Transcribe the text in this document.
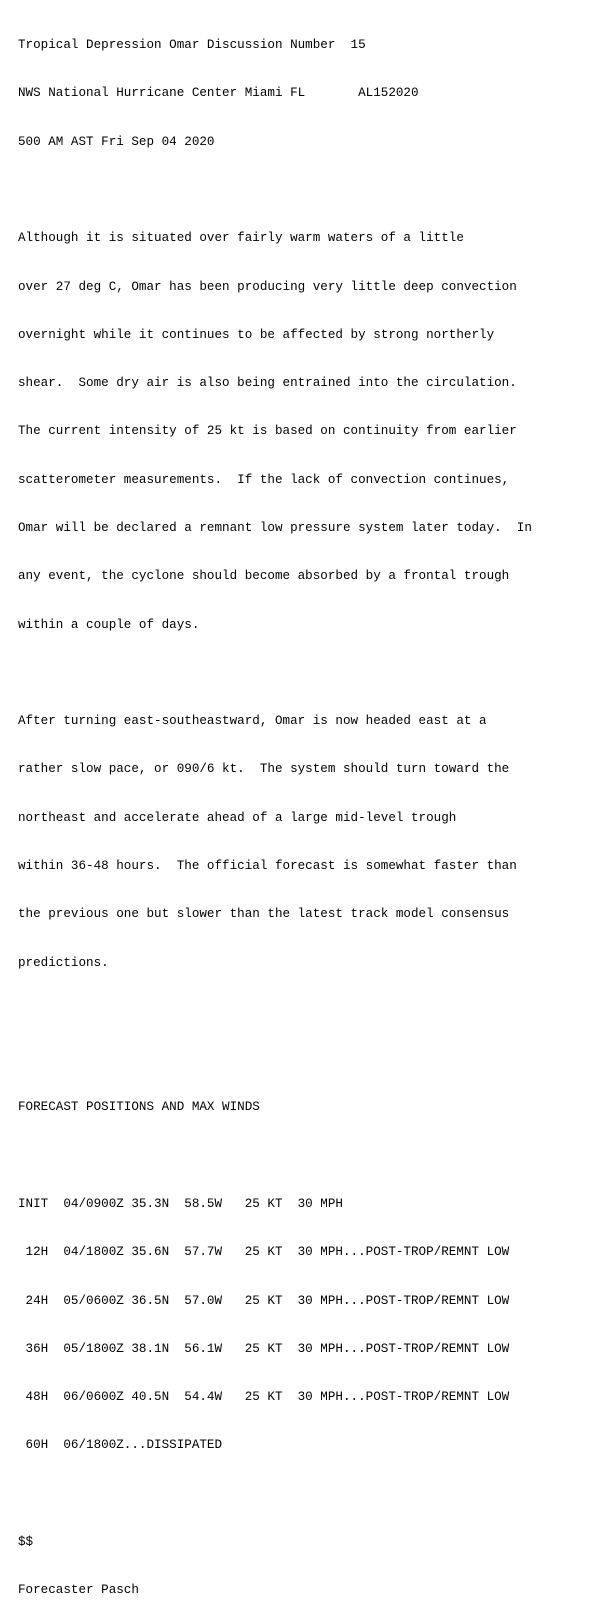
Tropical Depression Omar Discussion Number  15

NWS National Hurricane Center Miami FL       AL152020

500 AM AST Fri Sep 04 2020

Although it is situated over fairly warm waters of a little

over 27 deg C, Omar has been producing very little deep convection

overnight while it continues to be affected by strong northerly

shear.  Some dry air is also being entrained into the circulation.

The current intensity of 25 kt is based on continuity from earlier

scatterometer measurements.  If the lack of convection continues,

Omar will be declared a remnant low pressure system later today.  In

any event, the cyclone should become absorbed by a frontal trough

within a couple of days.

After turning east-southeastward, Omar is now headed east at a

rather slow pace, or 090/6 kt.  The system should turn toward the

northeast and accelerate ahead of a large mid-level trough

within 36-48 hours.  The official forecast is somewhat faster than

the previous one but slower than the latest track model consensus

predictions.

FORECAST POSITIONS AND MAX WINDS

INIT  04/0900Z 35.3N  58.5W   25 KT  30 MPH

12H  04/1800Z 35.6N  57.7W   25 KT  30 MPH...POST-TROP/REMNT LOW

24H  05/0600Z 36.5N  57.0W   25 KT  30 MPH...POST-TROP/REMNT LOW

36H  05/1800Z 38.1N  56.1W   25 KT  30 MPH...POST-TROP/REMNT LOW

48H  06/0600Z 40.5N  54.4W   25 KT  30 MPH...POST-TROP/REMNT LOW

60H  06/1800Z...DISSIPATED

$$

Forecaster Pasch
